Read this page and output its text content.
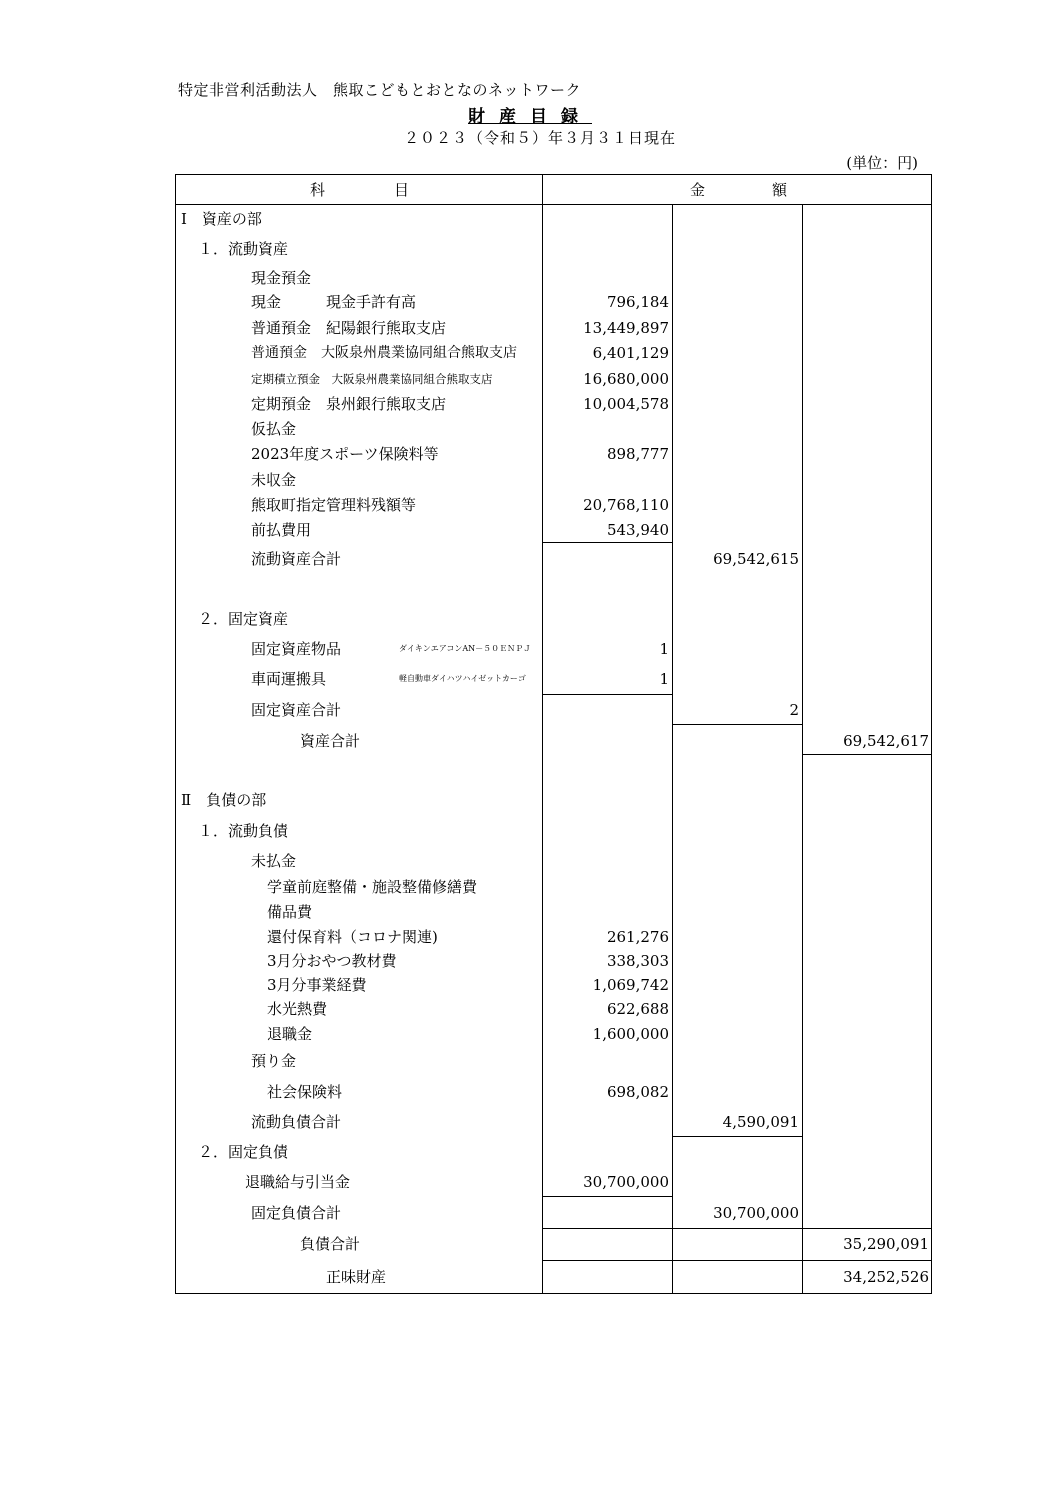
特定非営利活動法人　熊取こどもとおとなのネットワーク
財産目録
２０２３（令和５）年３月３１日現在
(単位：円)
科	目	金	額
Ⅰ　資産の部
１．流動資産
現金預金
現金　　　現金手許有高	796,184
普通預金　紀陽銀行熊取支店	13,449,897
普通預金　大阪泉州農業協同組合熊取支店	6,401,129
定期積立預金　大阪泉州農業協同組合熊取支店	16,680,000
定期預金　泉州銀行熊取支店	10,004,578
仮払金
2023年度スポーツ保険料等	898,777
未収金
熊取町指定管理料残額等	20,768,110
前払費用	543,940
流動資産合計	69,542,615
２．固定資産
固定資産物品	ダイキンエアコンAN－５０ＥＮＰＪ	1
車両運搬具	軽自動車ダイハツハイゼットカーゴ	1
固定資産合計	2
資産合計	69,542,617
Ⅱ　負債の部
１．流動負債
未払金
学童前庭整備・施設整備修繕費
備品費
還付保育料（コロナ関連)	261,276
3月分おやつ教材費	338,303
3月分事業経費	1,069,742
水光熱費	622,688
退職金	1,600,000
預り金
社会保険料	698,082
流動負債合計	4,590,091
２．固定負債
退職給与引当金	30,700,000
固定負債合計	30,700,000
負債合計	35,290,091
正味財産	34,252,526
